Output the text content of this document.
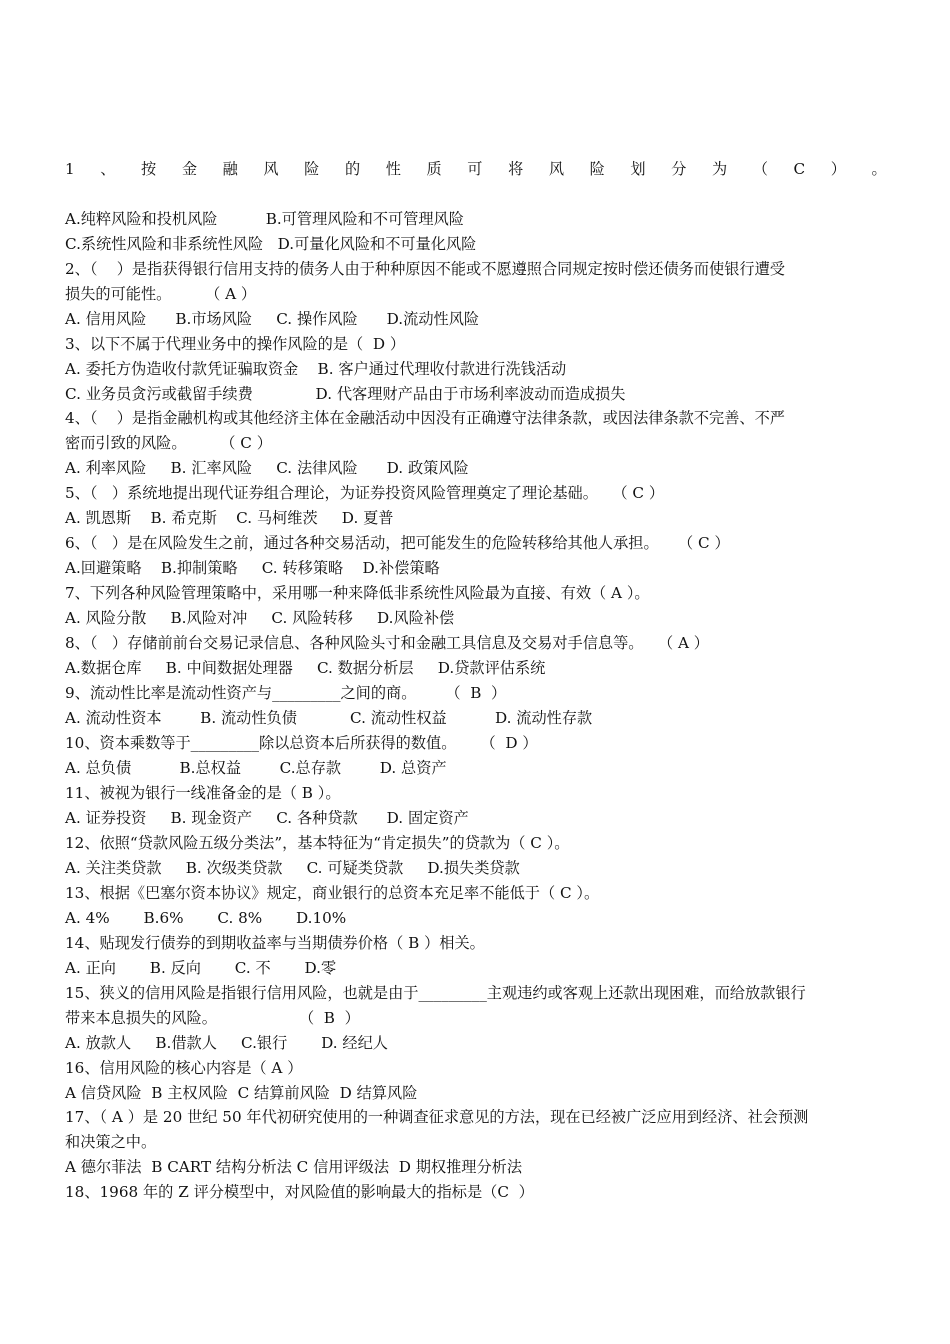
1 、 按 金 融 风 险 的 性 质 可 将 风 险 划 分 为 （ C ） 。
A.纯粹风险和投机风险          B.可管理风险和不可管理风险
C.系统性风险和非系统性风险   D.可量化风险和不可量化风险
2、（    ）是指获得银行信用支持的债务人由于种种原因不能或不愿遵照合同规定按时偿还债务而使银行遭受
损失的可能性。       （ A ）
A. 信用风险      B.市场风险     C. 操作风险      D.流动性风险
3、以下不属于代理业务中的操作风险的是（  D ）
A. 委托方伪造收付款凭证骗取资金    B. 客户通过代理收付款进行洗钱活动
C. 业务员贪污或截留手续费             D. 代客理财产品由于市场利率波动而造成损失
4、（    ）是指金融机构或其他经济主体在金融活动中因没有正确遵守法律条款，或因法律条款不完善、不严
密而引致的风险。       （ C ）
A. 利率风险     B. 汇率风险     C. 法律风险      D. 政策风险
5、（   ）系统地提出现代证券组合理论，为证券投资风险管理奠定了理论基础。   （ C ）
A. 凯恩斯    B. 希克斯    C. 马柯维茨     D. 夏普
6、（   ）是在风险发生之前，通过各种交易活动，把可能发生的危险转移给其他人承担。    （ C ）
A.回避策略    B.抑制策略     C. 转移策略    D.补偿策略
7、下列各种风险管理策略中，采用哪一种来降低非系统性风险最为直接、有效（ A ）。
A. 风险分散     B.风险对冲     C. 风险转移     D.风险补偿
8、（   ）存储前前台交易记录信息、各种风险头寸和金融工具信息及交易对手信息等。   （ A ）
A.数据仓库     B. 中间数据处理器     C. 数据分析层     D.贷款评估系统
9、流动性比率是流动性资产与_________之间的商。      （  B  ）
A. 流动性资本        B. 流动性负债           C. 流动性权益          D. 流动性存款
10、资本乘数等于_________除以总资本后所获得的数值。     （  D ）
A. 总负债          B.总权益        C.总存款        D. 总资产
11、被视为银行一线准备金的是（ B ）。
A. 证券投资     B. 现金资产     C. 各种贷款      D. 固定资产
12、依照“贷款风险五级分类法”，基本特征为“肯定损失”的贷款为（ C ）。
A. 关注类贷款     B. 次级类贷款     C. 可疑类贷款     D.损失类贷款
13、根据《巴塞尔资本协议》规定，商业银行的总资本充足率不能低于（ C ）。
A. 4%       B.6%       C. 8%       D.10%
14、贴现发行债券的到期收益率与当期债券价格（ B ）相关。
A. 正向       B. 反向       C. 不       D.零
15、狭义的信用风险是指银行信用风险，也就是由于_________主观违约或客观上还款出现困难，而给放款银行
带来本息损失的风险。                 （  B  ）
A. 放款人     B.借款人     C.银行       D. 经纪人
16、信用风险的核心内容是（ A ）
A 信贷风险  B 主权风险  C 结算前风险  D 结算风险
17、（ A ）是 20 世纪 50 年代初研究使用的一种调查征求意见的方法，现在已经被广泛应用到经济、社会预测
和决策之中。
A 德尔菲法  B CART 结构分析法 C 信用评级法  D 期权推理分析法
18、1968 年的 Z 评分模型中，对风险值的影响最大的指标是（C  ）
